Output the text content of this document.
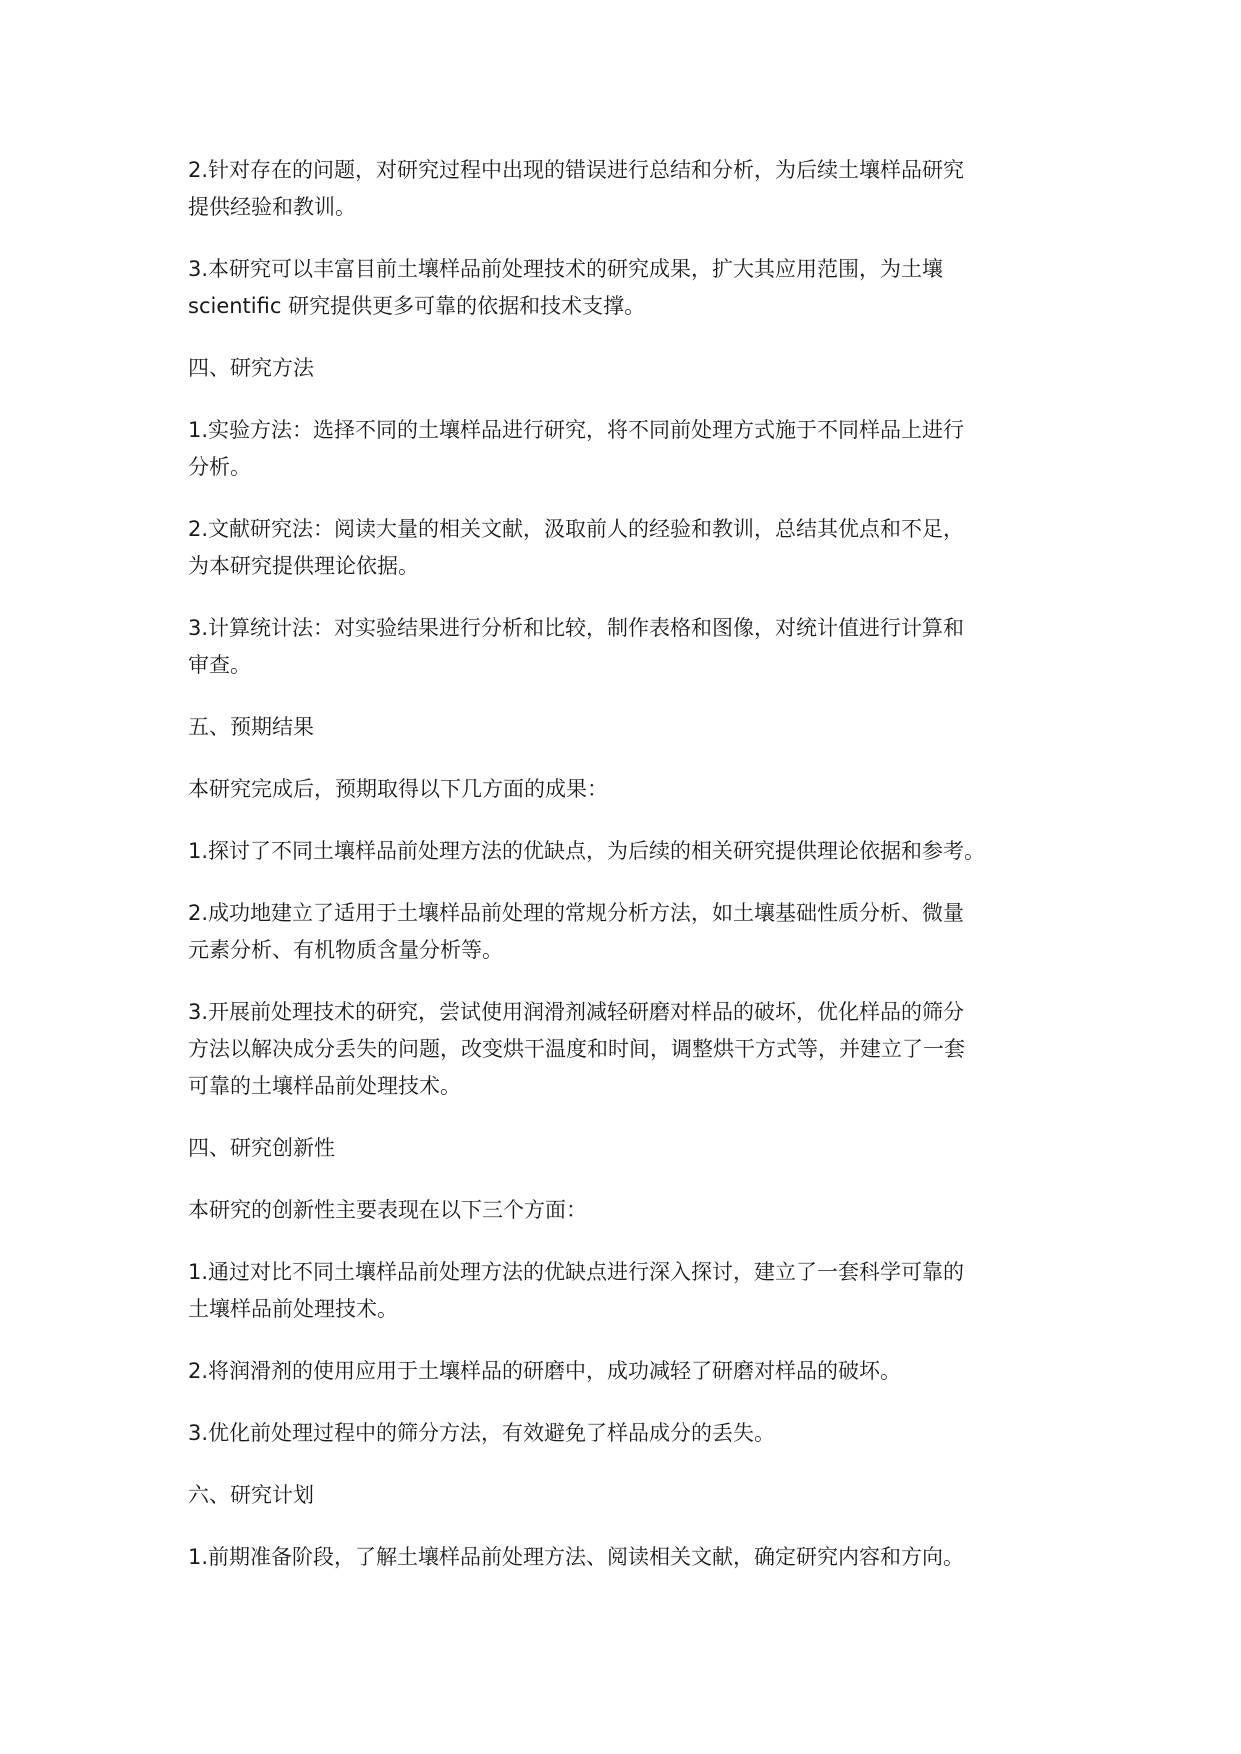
2.针对存在的问题，对研究过程中出现的错误进行总结和分析，为后续土壤样品研究
提供经验和教训。
3.本研究可以丰富目前土壤样品前处理技术的研究成果，扩大其应用范围，为土壤
scientific 研究提供更多可靠的依据和技术支撑。
四、研究方法
1.实验方法：选择不同的土壤样品进行研究，将不同前处理方式施于不同样品上进行
分析。
2.文献研究法：阅读大量的相关文献，汲取前人的经验和教训，总结其优点和不足，
为本研究提供理论依据。
3.计算统计法：对实验结果进行分析和比较，制作表格和图像，对统计值进行计算和
审查。
五、预期结果
本研究完成后，预期取得以下几方面的成果：
1.探讨了不同土壤样品前处理方法的优缺点，为后续的相关研究提供理论依据和参考。
2.成功地建立了适用于土壤样品前处理的常规分析方法，如土壤基础性质分析、微量
元素分析、有机物质含量分析等。
3.开展前处理技术的研究，尝试使用润滑剂减轻研磨对样品的破坏，优化样品的筛分
方法以解决成分丢失的问题，改变烘干温度和时间，调整烘干方式等，并建立了一套
可靠的土壤样品前处理技术。
四、研究创新性
本研究的创新性主要表现在以下三个方面：
1.通过对比不同土壤样品前处理方法的优缺点进行深入探讨，建立了一套科学可靠的
土壤样品前处理技术。
2.将润滑剂的使用应用于土壤样品的研磨中，成功减轻了研磨对样品的破坏。
3.优化前处理过程中的筛分方法，有效避免了样品成分的丢失。
六、研究计划
1.前期准备阶段，了解土壤样品前处理方法、阅读相关文献，确定研究内容和方向。
